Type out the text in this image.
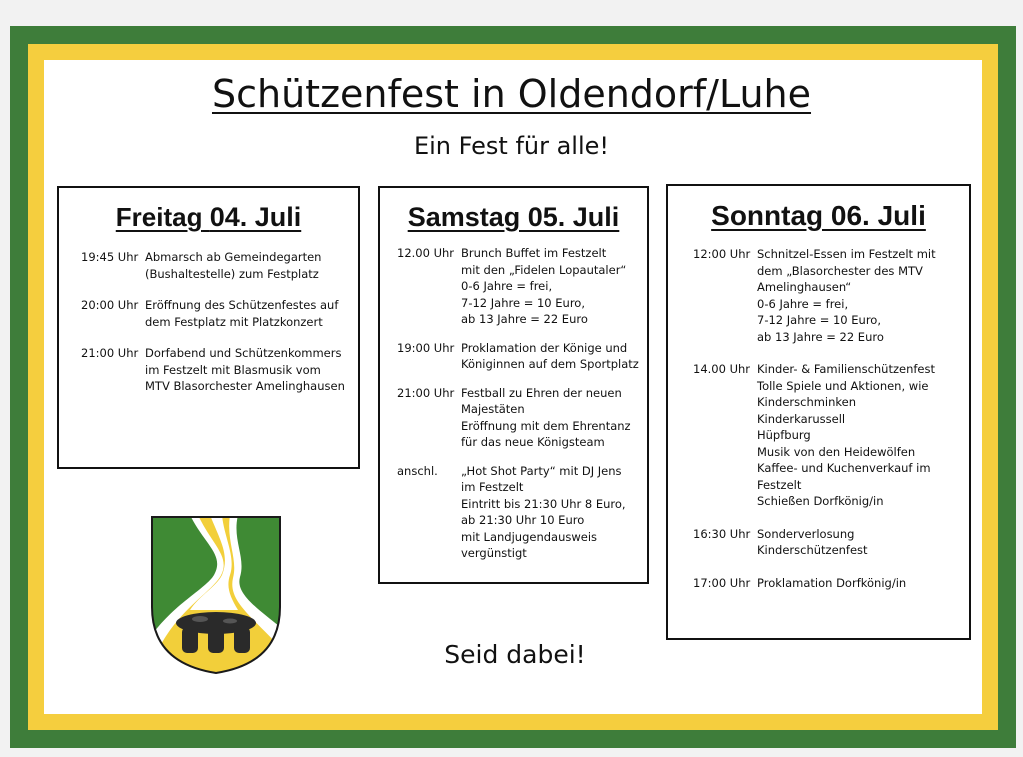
Schützenfest in Oldendorf/Luhe
Ein Fest für alle!
Freitag 04. Juli
19:45 Uhr Abmarsch ab Gemeindegarten
(Bushaltestelle) zum Festplatz
20:00 Uhr Eröffnung des Schützenfestes auf
dem Festplatz mit Platzkonzert
21:00 Uhr Dorfabend und Schützenkommers
im Festzelt mit Blasmusik vom
MTV Blasorchester Amelinghausen
Samstag 05. Juli
12.00 Uhr Brunch Buffet im Festzelt
mit den „Fidelen Lopautaler“
0-6 Jahre = frei,
7-12 Jahre = 10 Euro,
ab 13 Jahre = 22 Euro
19:00 Uhr Proklamation der Könige und
Königinnen auf dem Sportplatz
21:00 Uhr Festball zu Ehren der neuen
Majestäten
Eröffnung mit dem Ehrentanz
für das neue Königsteam
anschl.	„Hot Shot Party“ mit DJ Jens
im Festzelt
Eintritt bis 21:30 Uhr 8 Euro,
ab 21:30 Uhr 10 Euro
mit Landjugendausweis
vergünstigt
Sonntag 06. Juli
12:00 Uhr Schnitzel-Essen im Festzelt mit
dem „Blasorchester des MTV
Amelinghausen“
0-6 Jahre = frei,
7-12 Jahre = 10 Euro,
ab 13 Jahre = 22 Euro
14.00 Uhr Kinder- & Familienschützenfest
Tolle Spiele und Aktionen, wie
Kinderschminken
Kinderkarussell
Hüpfburg
Musik von den Heidewölfen
Kaffee- und Kuchenverkauf im
Festzelt
Schießen Dorfkönig/in
16:30 Uhr Sonderverlosung
Kinderschützenfest
17:00 Uhr Proklamation Dorfkönig/in
Seid dabei!
